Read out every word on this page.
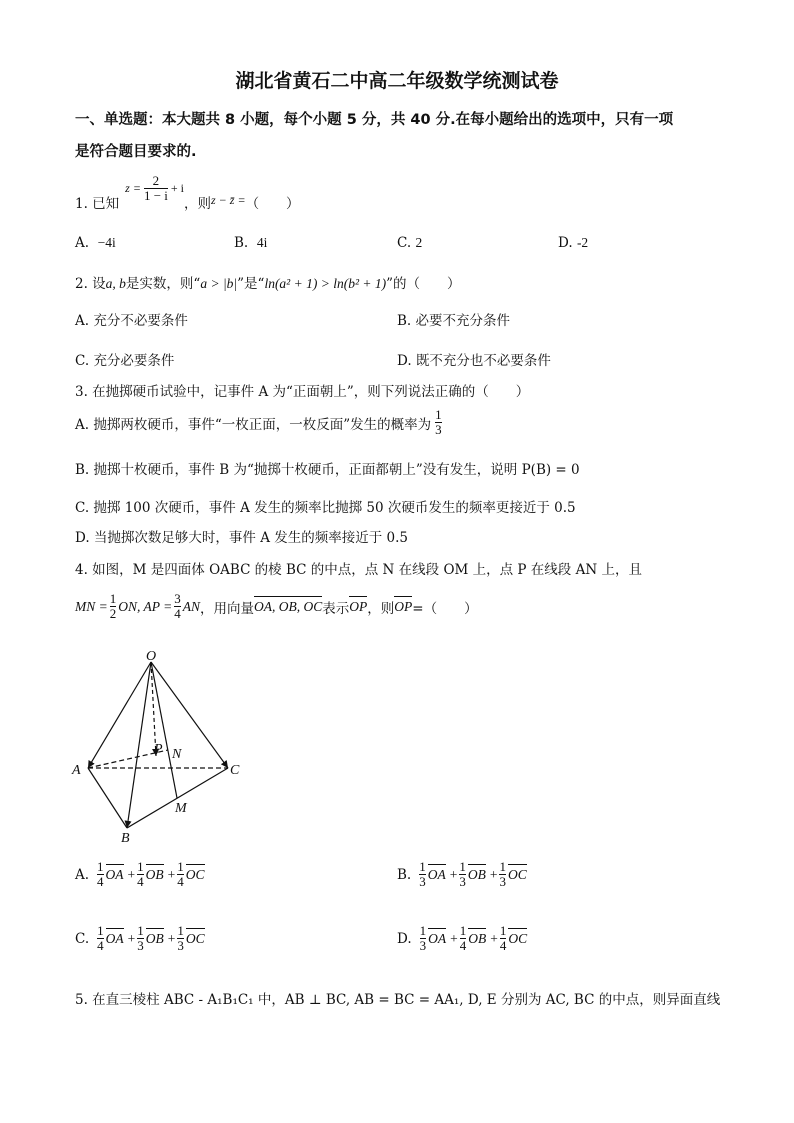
湖北省黄石二中高二年级数学统测试卷
一、单选题：本大题共 8 小题，每个小题 5 分，共 40 分.在每小题给出的选项中，只有一项
是符合题目要求的.
1. 已知
$z = \frac{2}{1 - i} + i$
，则 z − z̄ = （　　）
A. −4i	B. 4i	C. 2	D. -2
2. 设a, b是实数，则“a > |b|”是“ln(a² + 1) > ln(b² + 1)”的（　　）
A. 充分不必要条件	B. 必要不充分条件
C. 充分必要条件	D. 既不充分也不必要条件
3. 在抛掷硬币试验中，记事件 A 为“正面朝上”，则下列说法正确的（　　）
A. 抛掷两枚硬币，事件“一枚正面，一枚反面”发生的概率为 $\frac{1}{3}$
B. 抛掷十枚硬币，事件 B 为“抛掷十枚硬币，正面都朝上”没有发生，说明 P(B) = 0
C. 抛掷 100 次硬币，事件 A 发生的频率比抛掷 50 次硬币发生的频率更接近于 0.5
D. 当抛掷次数足够大时，事件 A 发生的频率接近于 0.5
4. 如图，M 是四面体 OABC 的棱 BC 的中点，点 N 在线段 OM 上，点 P 在线段 AN 上，且
MN = $\frac{1}{2}$ ON, AP = $\frac{3}{4}$ AN ，用向量 OA, OB, OC 表示 OP ，则 OP =（　　）
O
A
B
C
M
N
P
A. $\frac{1}{4}$ OA + $\frac{1}{4}$ OB + $\frac{1}{4}$ OC	B. $\frac{1}{3}$ OA + $\frac{1}{3}$ OB + $\frac{1}{3}$ OC
C. $\frac{1}{4}$ OA + $\frac{1}{3}$ OB + $\frac{1}{3}$ OC	D. $\frac{1}{3}$ OA + $\frac{1}{4}$ OB + $\frac{1}{4}$ OC
5. 在直三棱柱 ABC - A₁B₁C₁ 中，AB ⊥ BC, AB = BC = AA₁, D, E 分别为 AC, BC 的中点，则异面直线
